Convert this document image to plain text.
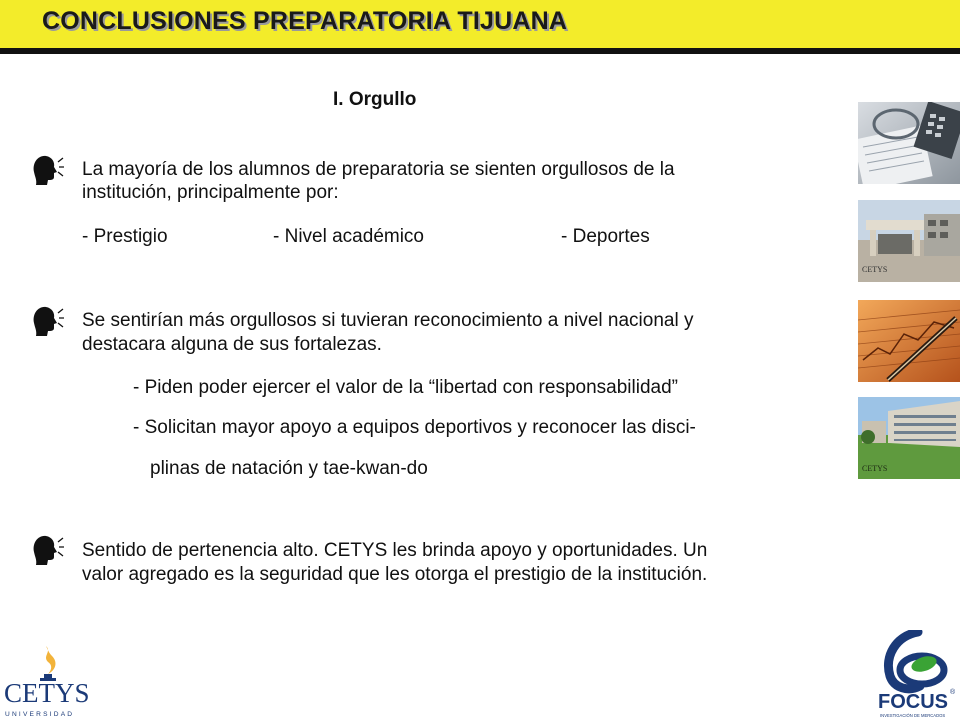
CONCLUSIONES PREPARATORIA TIJUANA
I. Orgullo
La mayoría de los alumnos de preparatoria se sienten orgullosos de la
institución, principalmente por:
- Prestigio	- Nivel académico	- Deportes
Se sentirían más orgullosos si tuvieran reconocimiento a nivel nacional y
destacara alguna de sus fortalezas.
- Piden poder ejercer el valor de la “libertad con responsabilidad”
- Solicitan mayor apoyo a equipos deportivos y reconocer las disci-
plinas de natación y tae-kwan-do
Sentido de pertenencia alto. CETYS les brinda apoyo y oportunidades. Un
valor agregado es la seguridad que les otorga el prestigio de la institución.
CETYS
CETYS
CETYS
UNIVERSIDAD
FOCUS ®
INVESTIGACIÓN DE MERCADOS
